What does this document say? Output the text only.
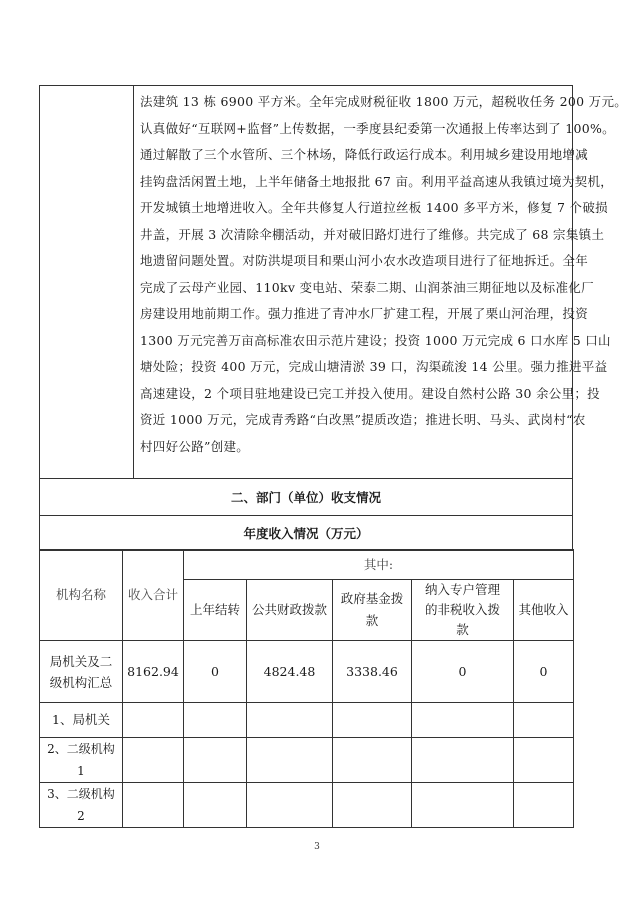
法建筑 13 栋 6900 平方米。全年完成财税征收 1800 万元，超税收任务 200 万元。
认真做好“互联网+监督”上传数据，一季度县纪委第一次通报上传率达到了 100%。
通过解散了三个水管所、三个林场，降低行政运行成本。利用城乡建设用地增减
挂钩盘活闲置土地，上半年储备土地报批 67 亩。利用平益高速从我镇过境为契机，
开发城镇土地增进收入。全年共修复人行道拉丝板 1400 多平方米，修复 7 个破损
井盖，开展 3 次清除伞棚活动，并对破旧路灯进行了维修。共完成了 68 宗集镇土
地遗留问题处置。对防洪堤项目和栗山河小农水改造项目进行了征地拆迁。全年
完成了云母产业园、110kv 变电站、荣泰二期、山润茶油三期征地以及标准化厂
房建设用地前期工作。强力推进了青冲水厂扩建工程，开展了栗山河治理，投资
1300 万元完善万亩高标准农田示范片建设；投资 1000 万元完成 6 口水库 5 口山
塘处险；投资 400 万元，完成山塘清淤 39 口，沟渠疏浚 14 公里。强力推进平益
高速建设，2 个项目驻地建设已完工并投入使用。建设自然村公路 30 余公里；投
资近 1000 万元，完成青秀路“白改黑”提质改造；推进长明、马头、武岗村“农
村四好公路”创建。

二、部门（单位）收支情况
年度收入情况（万元）
机构名称	收入合计	其中:				
		上年结转	公共财政拨款	政府基金拨款	纳入专户管理的非税收入拨款	其他收入
局机关及二级机构汇总	8162.94	0	4824.48	3338.46	0	0
1、局机关						
2、二级机构 1						
3、二级机构 2						
3
